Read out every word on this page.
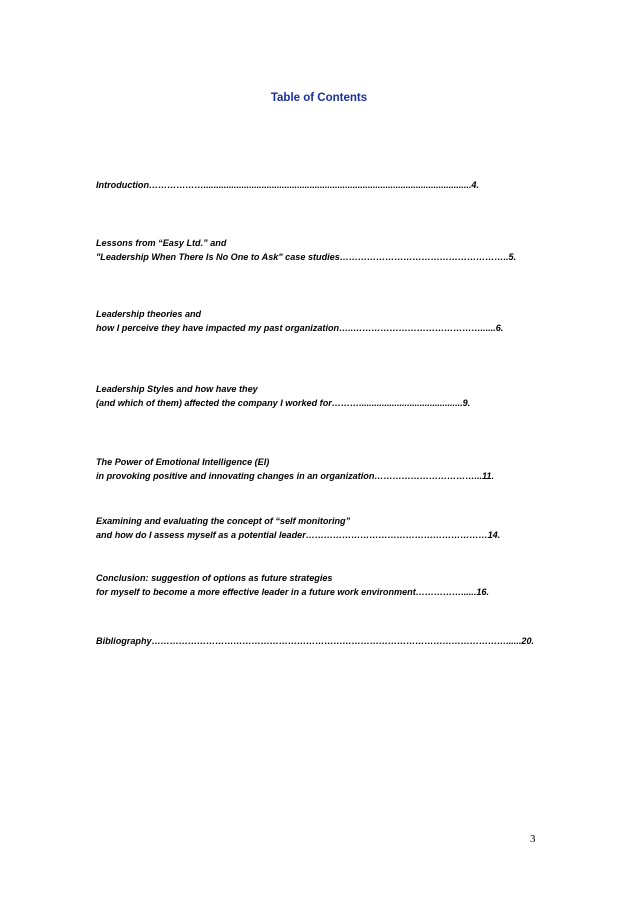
Table of Contents
Introduction………………..........................................................................................................4.
Lessons from “Easy Ltd.” and
"Leadership When There Is No One to Ask" case studies………………………………………………..5.
Leadership theories and
how I perceive they have impacted my past organization…..……………………………………......6.
Leadership Styles and how have they
(and which of them) affected the company I worked for……….........................................9.
The Power of Emotional Intelligence (EI)
in provoking positive and innovating changes in an organization……………………………...11.
Examining and evaluating the concept of “self monitoring”
and how do I assess myself as a potential leader……………………………………………………14.
Conclusion: suggestion of options as future strategies
for myself to become a more effective leader in a future work environment……………......16.
Bibliography………………………………………………………………………………………………………......20.
3
